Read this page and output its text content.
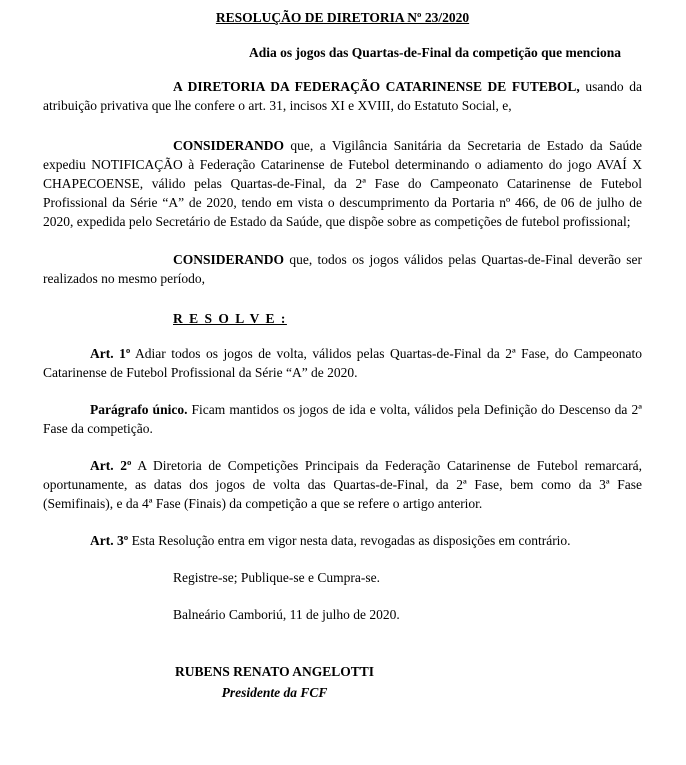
RESOLUÇÃO DE DIRETORIA Nº 23/2020

Adia os jogos das Quartas-de-Final da competição que menciona

A DIRETORIA DA FEDERAÇÃO CATARINENSE DE FUTEBOL, usando da atribuição privativa que lhe confere o art. 31, incisos XI e XVIII, do Estatuto Social, e,

CONSIDERANDO que, a Vigilância Sanitária da Secretaria de Estado da Saúde expediu NOTIFICAÇÃO à Federação Catarinense de Futebol determinando o adiamento do jogo AVAÍ X CHAPECOENSE, válido pelas Quartas-de-Final, da 2ª Fase do Campeonato Catarinense de Futebol Profissional da Série “A” de 2020, tendo em vista o descumprimento da Portaria nº 466, de 06 de julho de 2020, expedida pelo Secretário de Estado da Saúde, que dispõe sobre as competições de futebol profissional;

CONSIDERANDO que, todos os jogos válidos pelas Quartas-de-Final deverão ser realizados no mesmo período,

R E S O L V E :

Art. 1º Adiar todos os jogos de volta, válidos pelas Quartas-de-Final da 2ª Fase, do Campeonato Catarinense de Futebol Profissional da Série “A” de 2020.

Parágrafo único. Ficam mantidos os jogos de ida e volta, válidos pela Definição do Descenso da 2ª Fase da competição.

Art. 2º A Diretoria de Competições Principais da Federação Catarinense de Futebol remarcará, oportunamente, as datas dos jogos de volta das Quartas-de-Final, da 2ª Fase, bem como da 3ª Fase (Semifinais), e da 4ª Fase (Finais) da competição a que se refere o artigo anterior.

Art. 3º Esta Resolução entra em vigor nesta data, revogadas as disposições em contrário.

Registre-se; Publique-se e Cumpra-se.

Balneário Camboriú, 11 de julho de 2020.

RUBENS RENATO ANGELOTTI

Presidente da FCF
